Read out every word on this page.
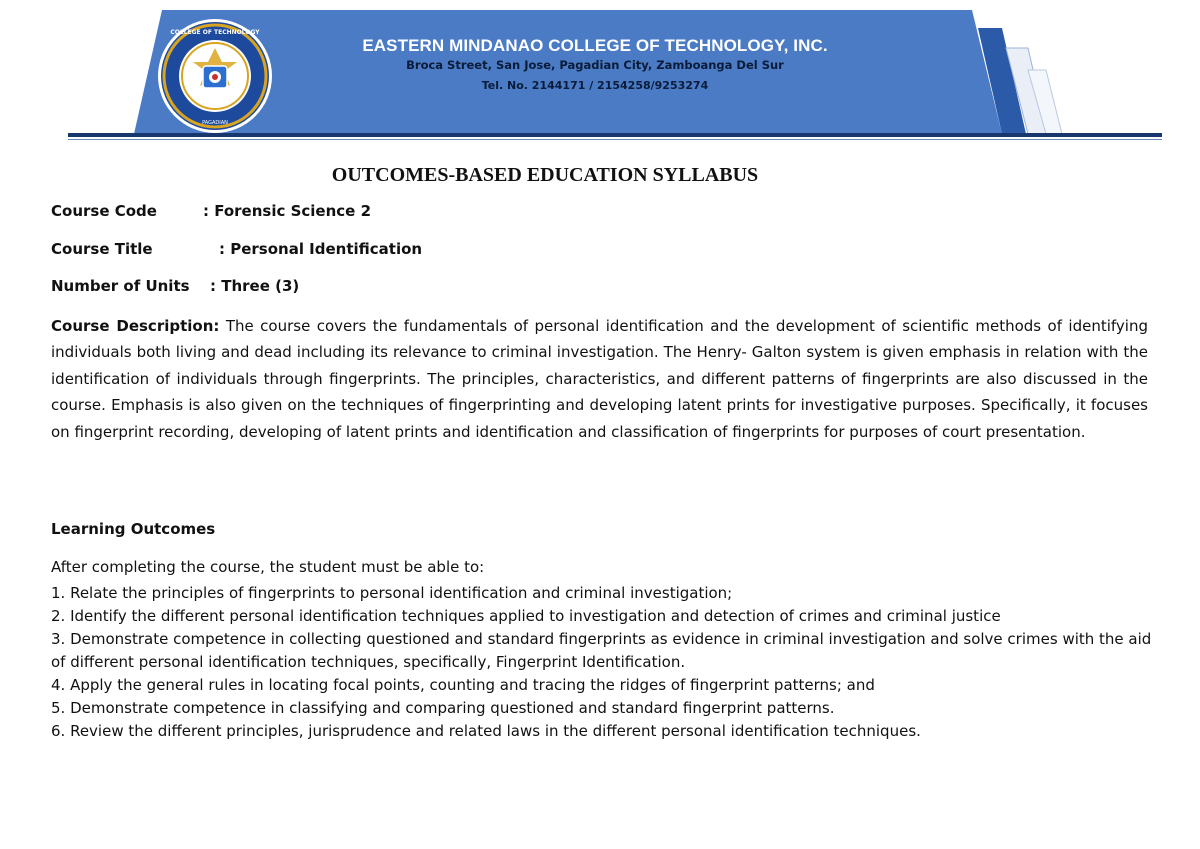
COLLEGE OF TECHNOLOGY
PAGADIAN
EASTERN MINDANAO COLLEGE OF TECHNOLOGY, INC.
Broca Street, San Jose, Pagadian City, Zamboanga Del Sur
Tel. No. 2144171 / 2154258/9253274
OUTCOMES-BASED EDUCATION SYLLABUS
Course Code	: Forensic Science 2
Course Title	: Personal Identification
Number of Units : Three (3)

Course Description: The course covers the fundamentals of personal identification and the development of scientific methods of identifying individuals both living and dead including its relevance to criminal investigation. The Henry- Galton system is given emphasis in relation with the identification of individuals through fingerprints. The principles, characteristics, and different patterns of fingerprints are also discussed in the course. Emphasis is also given on the techniques of fingerprinting and developing latent prints for investigative purposes. Specifically, it focuses on fingerprint recording, developing of latent prints and identification and classification of fingerprints for purposes of court presentation.

Learning Outcomes
After completing the course, the student must be able to:
1. Relate the principles of fingerprints to personal identification and criminal investigation;
2. Identify the different personal identification techniques applied to investigation and detection of crimes and criminal justice
3. Demonstrate competence in collecting questioned and standard fingerprints as evidence in criminal investigation and solve crimes with the aid of different personal identification techniques, specifically, Fingerprint Identification.
4. Apply the general rules in locating focal points, counting and tracing the ridges of fingerprint patterns; and
5. Demonstrate competence in classifying and comparing questioned and standard fingerprint patterns.
6. Review the different principles, jurisprudence and related laws in the different personal identification techniques.
